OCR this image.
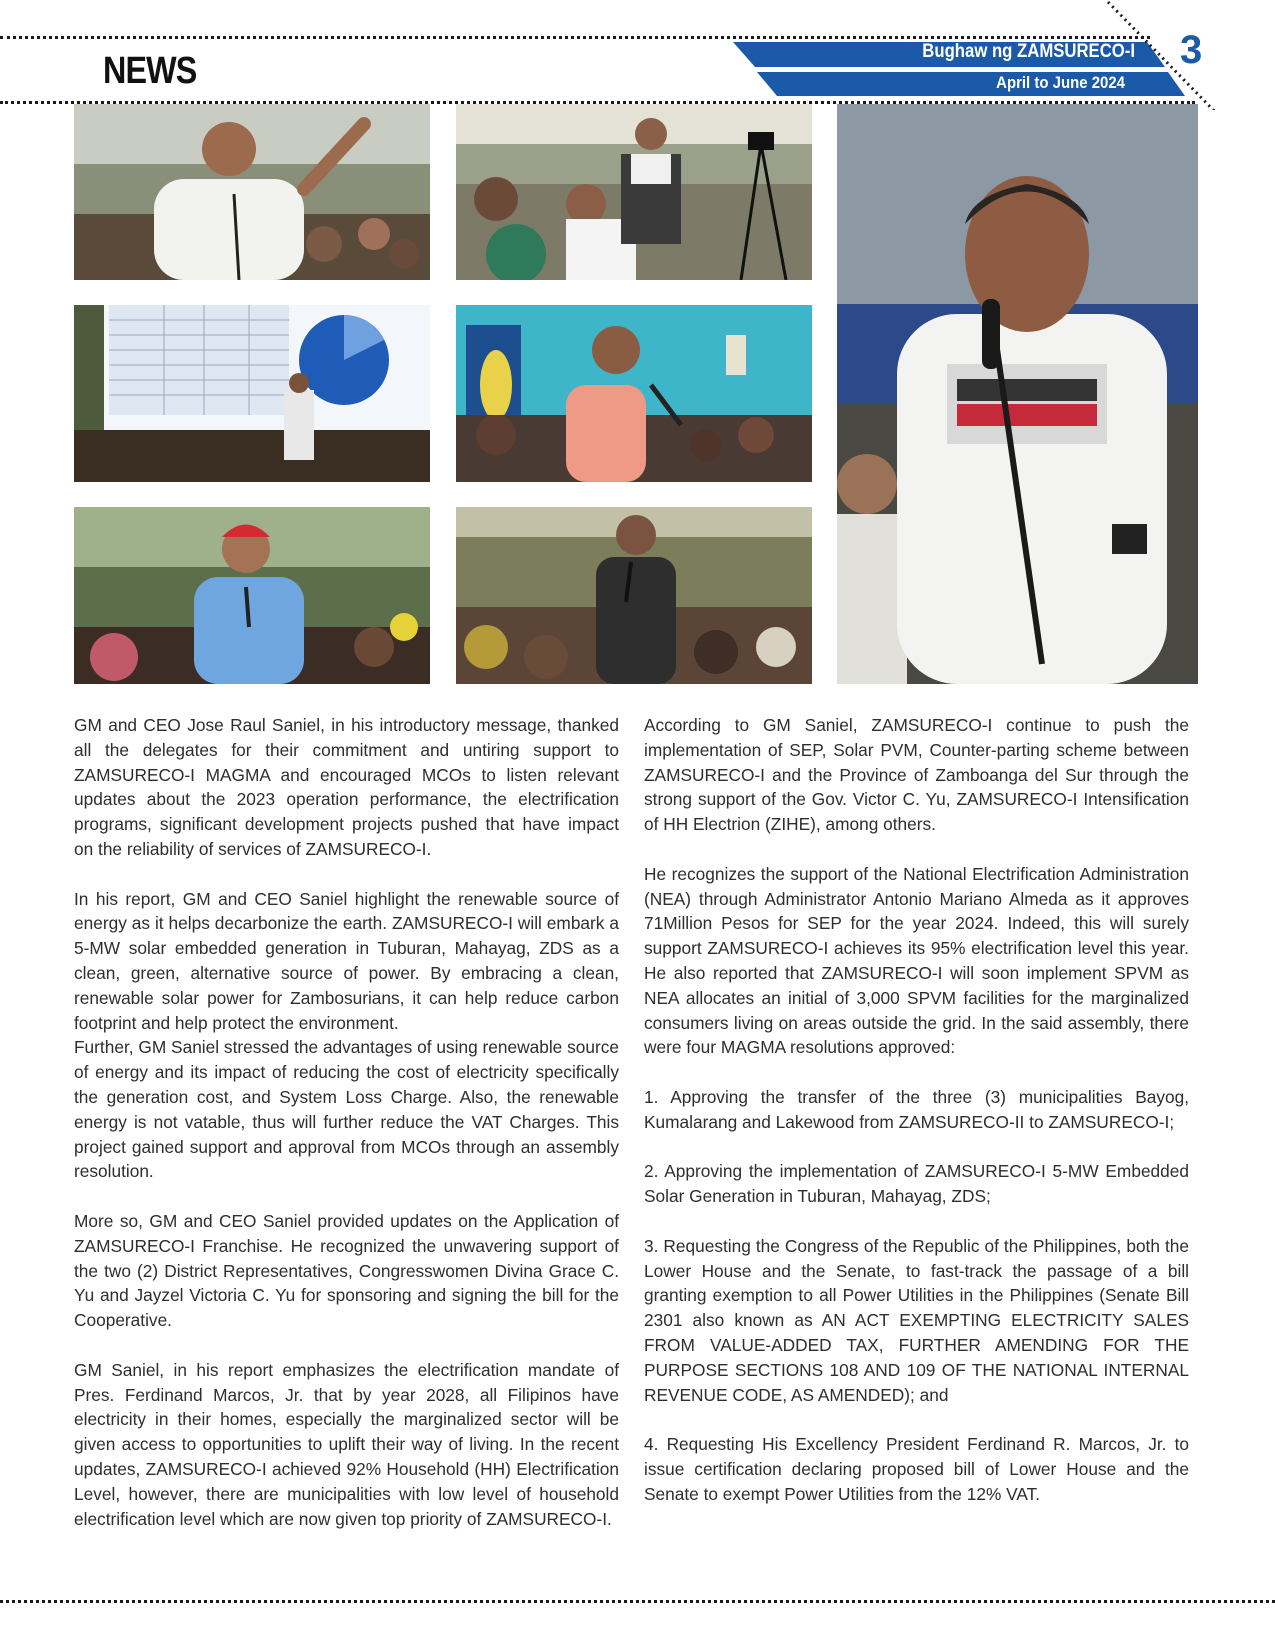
NEWS	Bughaw ng ZAMSURECO-I
April to June 2024
3

GM and CEO Jose Raul Saniel, in his introductory message, thanked all the delegates for their commitment and untiring support to ZAMSURECO-I MAGMA and encouraged MCOs to listen relevant updates about the 2023 operation performance, the electrification programs, significant development projects pushed that have impact on the reliability of services of ZAMSURECO-I.

In his report, GM and CEO Saniel highlight the renewable source of energy as it helps decarbonize the earth. ZAMSURECO-I will embark a 5-MW solar embedded generation in Tuburan, Mahayag, ZDS as a clean, green, alternative source of power. By embracing a clean, renewable solar power for Zambosurians, it can help reduce carbon footprint and help protect the environment.

Further, GM Saniel stressed the advantages of using renewable source of energy and its impact of reducing the cost of electricity specifically the generation cost, and System Loss Charge. Also, the renewable energy is not vatable, thus will further reduce the VAT Charges. This project gained support and approval from MCOs through an assembly resolution.

More so, GM and CEO Saniel provided updates on the Application of ZAMSURECO-I Franchise. He recognized the unwavering support of the two (2) District Representatives, Congresswomen Divina Grace C. Yu and Jayzel Victoria C. Yu for sponsoring and signing the bill for the Cooperative.

GM Saniel, in his report emphasizes the electrification mandate of Pres. Ferdinand Marcos, Jr. that by year 2028, all Filipinos have electricity in their homes, especially the marginalized sector will be given access to opportunities to uplift their way of living. In the recent updates, ZAMSURECO-I achieved 92% Household (HH) Electrification Level, however, there are municipalities with low level of household electrification level which are now given top priority of ZAMSURECO-I.

According to GM Saniel, ZAMSURECO-I continue to push the implementation of SEP, Solar PVM, Counter-parting scheme between ZAMSURECO-I and the Province of Zamboanga del Sur through the strong support of the Gov. Victor C. Yu, ZAMSURECO-I Intensification of HH Electrion (ZIHE), among others.

He recognizes the support of the National Electrification Administration (NEA) through Administrator Antonio Mariano Almeda as it approves 71Million Pesos for SEP for the year 2024. Indeed, this will surely support ZAMSURECO-I achieves its 95% electrification level this year. He also reported that ZAMSURECO-I will soon implement SPVM as NEA allocates an initial of 3,000 SPVM facilities for the marginalized consumers living on areas outside the grid. In the said assembly, there were four MAGMA resolutions approved:

1. Approving the transfer of the three (3) municipalities Bayog, Kumalarang and Lakewood from ZAMSURECO-II to ZAMSURECO-I;

2. Approving the implementation of ZAMSURECO-I 5-MW Embedded Solar Generation in Tuburan, Mahayag, ZDS;

3. Requesting the Congress of the Republic of the Philippines, both the Lower House and the Senate, to fast-track the passage of a bill granting exemption to all Power Utilities in the Philippines (Senate Bill 2301 also known as AN ACT EXEMPTING ELECTRICITY SALES FROM VALUE-ADDED TAX, FURTHER AMENDING FOR THE PURPOSE SECTIONS 108 AND 109 OF THE NATIONAL INTERNAL REVENUE CODE, AS AMENDED); and

4. Requesting His Excellency President Ferdinand R. Marcos, Jr. to issue certification declaring proposed bill of Lower House and the Senate to exempt Power Utilities from the 12% VAT.
